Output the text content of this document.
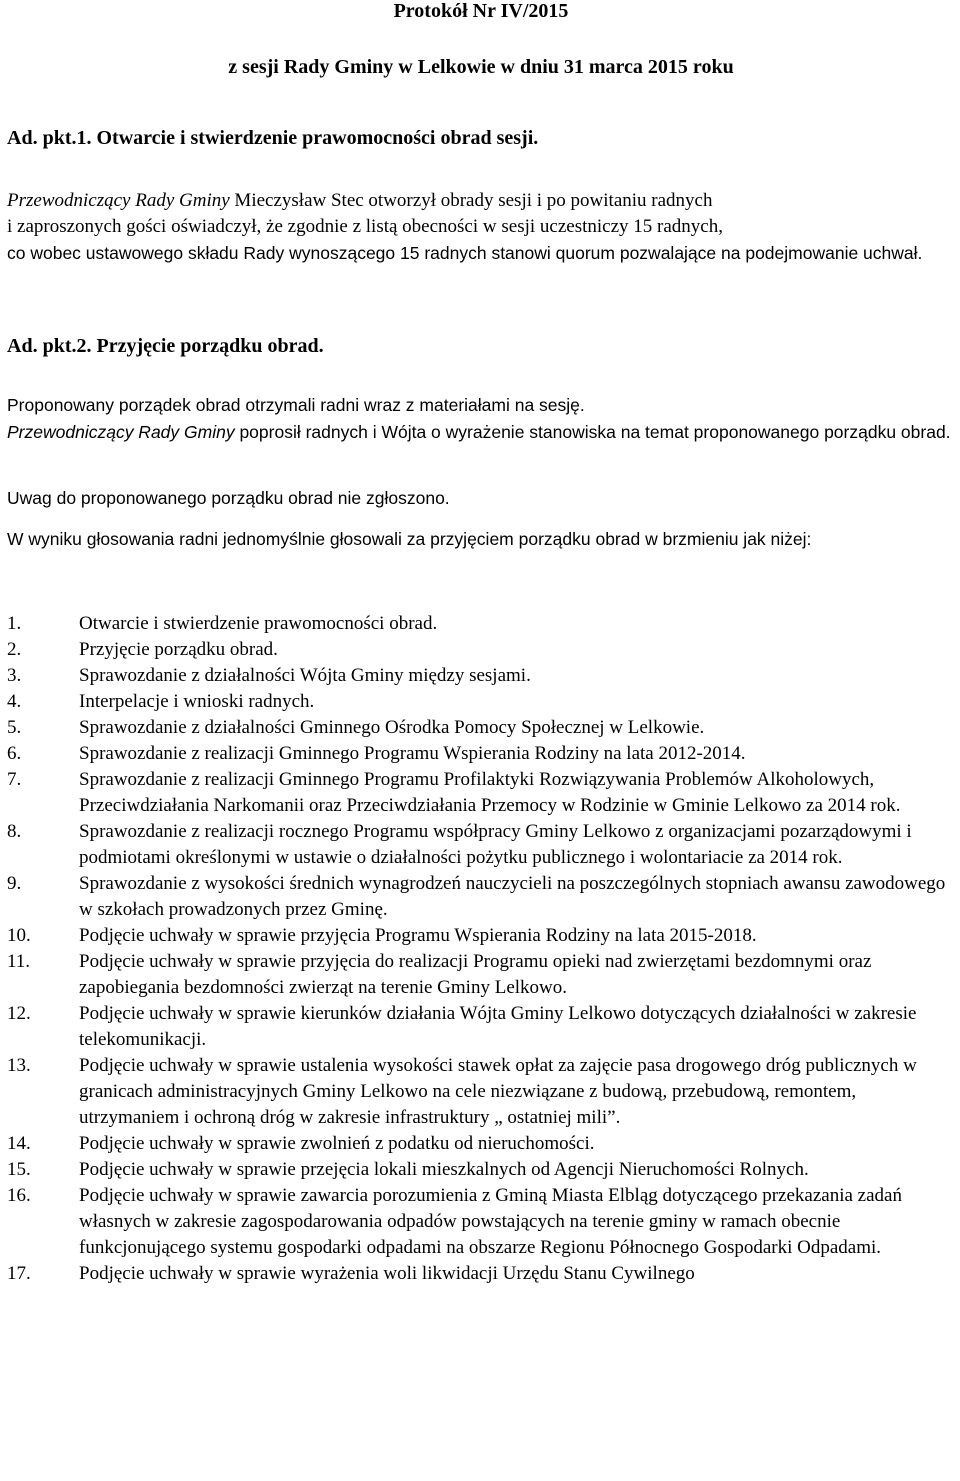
Protokół Nr IV/2015
z sesji Rady Gminy w Lelkowie w dniu 31 marca 2015 roku
Ad. pkt.1. Otwarcie i stwierdzenie prawomocności obrad sesji.
Przewodniczący Rady Gminy Mieczysław Stec otworzył obrady sesji i po powitaniu radnych
i zaproszonych gości oświadczył, że zgodnie z listą obecności w sesji uczestniczy 15 radnych,
co wobec ustawowego składu Rady wynoszącego 15 radnych stanowi quorum pozwalające na podejmowanie uchwał.
Ad. pkt.2. Przyjęcie porządku obrad.
Proponowany porządek obrad otrzymali radni wraz z materiałami na sesję.
Przewodniczący Rady Gminy poprosił radnych i Wójta o wyrażenie stanowiska na temat proponowanego porządku obrad.
Uwag do proponowanego porządku obrad nie zgłoszono.
W wyniku głosowania radni jednomyślnie głosowali za przyjęciem porządku obrad w brzmieniu jak niżej:
1.	Otwarcie i stwierdzenie prawomocności obrad.
2.	Przyjęcie porządku obrad.
3.	Sprawozdanie z działalności Wójta Gminy między sesjami.
4.	Interpelacje i wnioski radnych.
5.	Sprawozdanie z działalności Gminnego Ośrodka Pomocy Społecznej w Lelkowie.
6.	Sprawozdanie z realizacji Gminnego Programu Wspierania Rodziny na lata 2012-2014.
7.	Sprawozdanie z realizacji Gminnego Programu Profilaktyki Rozwiązywania Problemów Alkoholowych, Przeciwdziałania Narkomanii oraz Przeciwdziałania Przemocy w Rodzinie w Gminie Lelkowo za 2014 rok.
8.	Sprawozdanie z realizacji rocznego Programu współpracy Gminy Lelkowo z organizacjami pozarządowymi i podmiotami określonymi w ustawie o działalności pożytku publicznego i wolontariacie za 2014 rok.
9.	Sprawozdanie z wysokości średnich wynagrodzeń nauczycieli na poszczególnych stopniach awansu zawodowego w szkołach prowadzonych przez Gminę.
10.	Podjęcie uchwały w sprawie przyjęcia Programu Wspierania Rodziny na lata 2015-2018.
11.	Podjęcie uchwały w sprawie przyjęcia do realizacji Programu opieki nad zwierzętami bezdomnymi oraz zapobiegania bezdomności zwierząt na terenie Gminy Lelkowo.
12.	Podjęcie uchwały w sprawie kierunków działania Wójta Gminy Lelkowo dotyczących działalności w zakresie telekomunikacji.
13.	Podjęcie uchwały w sprawie ustalenia wysokości stawek opłat za zajęcie pasa drogowego dróg publicznych w granicach administracyjnych Gminy Lelkowo na cele niezwiązane z budową, przebudową, remontem, utrzymaniem i ochroną dróg w zakresie infrastruktury „ ostatniej mili”.
14.	Podjęcie uchwały w sprawie zwolnień z podatku od nieruchomości.
15.	Podjęcie uchwały w sprawie przejęcia lokali mieszkalnych od Agencji Nieruchomości Rolnych.
16.	Podjęcie uchwały w sprawie zawarcia porozumienia z Gminą Miasta Elbląg dotyczącego przekazania zadań własnych w zakresie zagospodarowania odpadów powstających na terenie gminy w ramach obecnie funkcjonującego systemu gospodarki odpadami na obszarze Regionu Północnego Gospodarki Odpadami.
17.	Podjęcie uchwały w sprawie wyrażenia woli likwidacji Urzędu Stanu Cywilnego
